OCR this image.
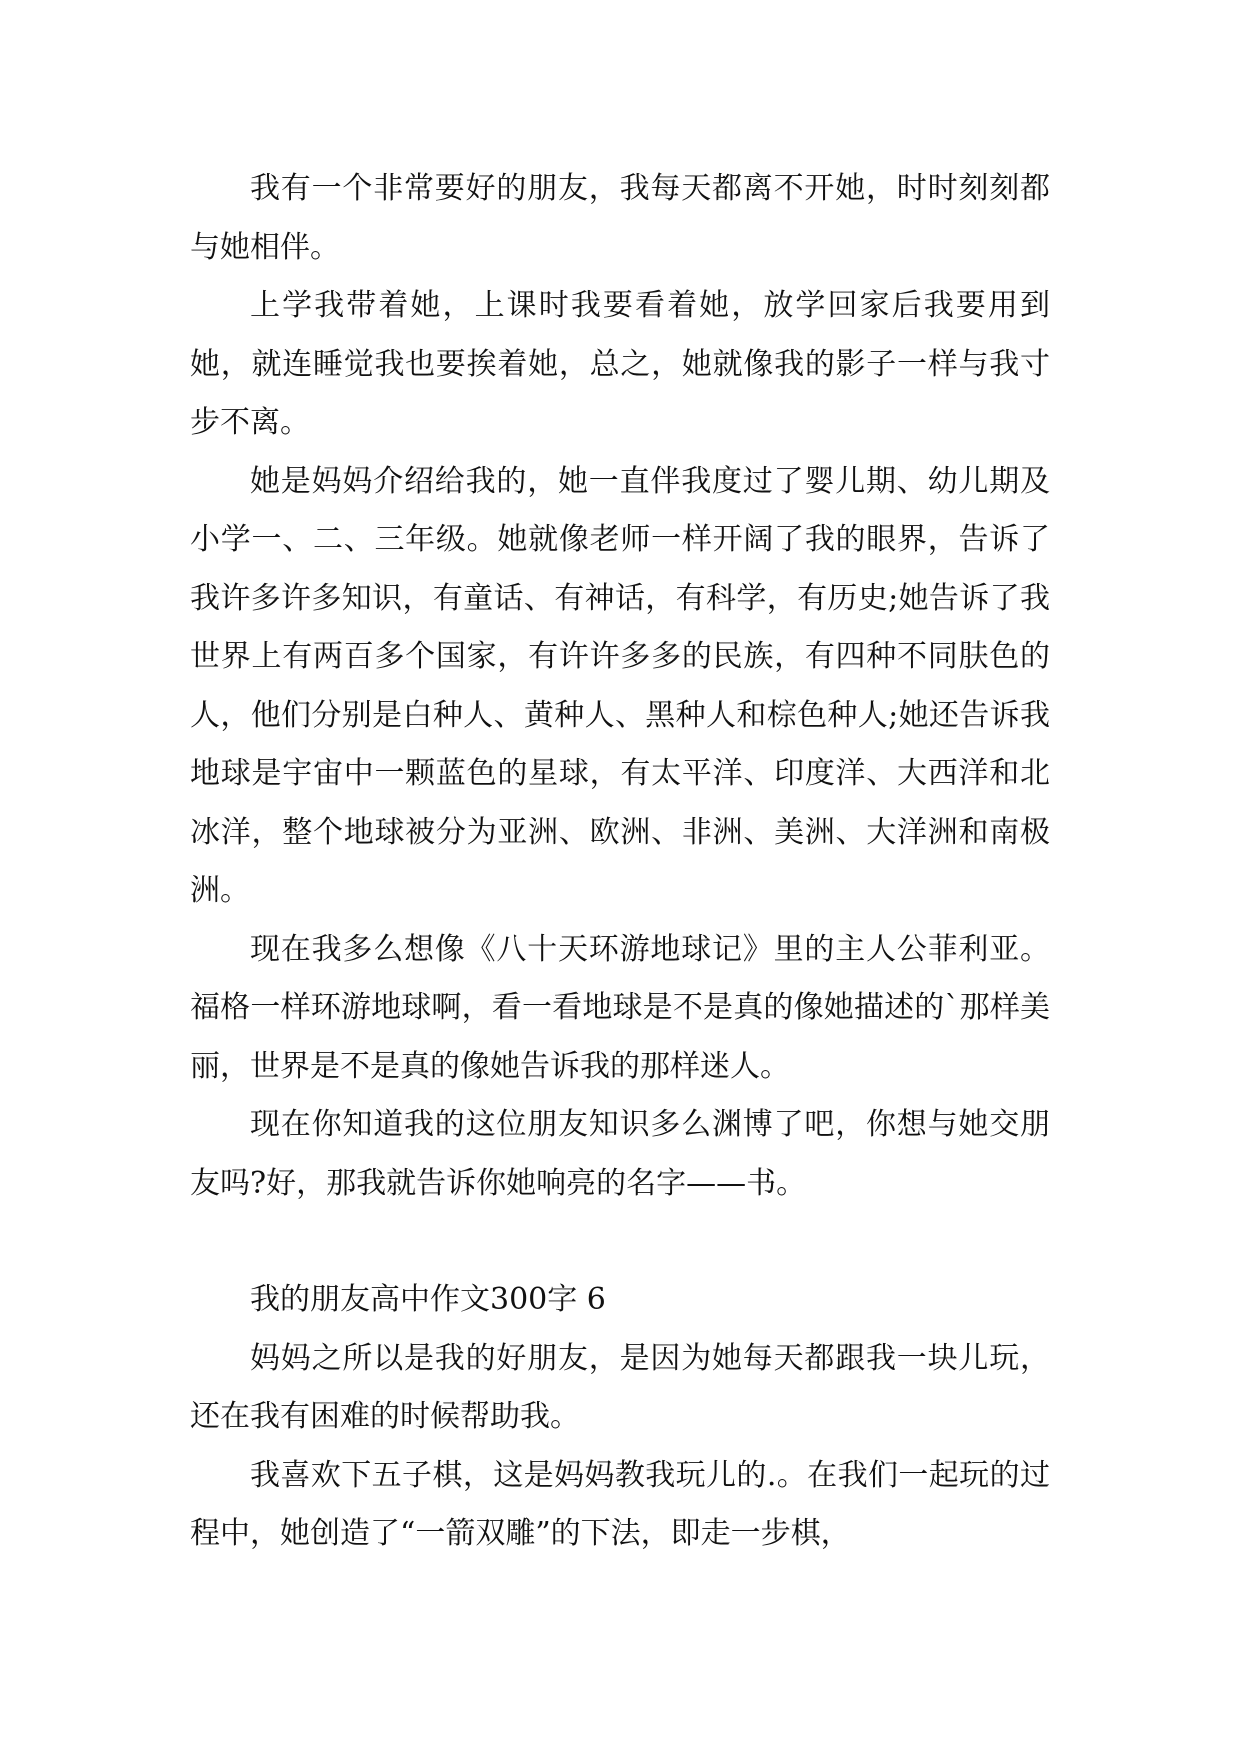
我有一个非常要好的朋友，我每天都离不开她，时时刻刻都与她相伴。

上学我带着她，上课时我要看着她，放学回家后我要用到她，就连睡觉我也要挨着她，总之，她就像我的影子一样与我寸步不离。

她是妈妈介绍给我的，她一直伴我度过了婴儿期、幼儿期及小学一、二、三年级。她就像老师一样开阔了我的眼界，告诉了我许多许多知识，有童话、有神话，有科学，有历史;她告诉了我世界上有两百多个国家，有许许多多的民族，有四种不同肤色的人，他们分别是白种人、黄种人、黑种人和棕色种人;她还告诉我地球是宇宙中一颗蓝色的星球，有太平洋、印度洋、大西洋和北冰洋，整个地球被分为亚洲、欧洲、非洲、美洲、大洋洲和南极洲。

现在我多么想像《八十天环游地球记》里的主人公菲利亚。福格一样环游地球啊，看一看地球是不是真的像她描述的`那样美丽，世界是不是真的像她告诉我的那样迷人。

现在你知道我的这位朋友知识多么渊博了吧，你想与她交朋友吗?好，那我就告诉你她响亮的名字——书。

我的朋友高中作文300字 6

妈妈之所以是我的好朋友，是因为她每天都跟我一块儿玩，还在我有困难的时候帮助我。

我喜欢下五子棋，这是妈妈教我玩儿的.。在我们一起玩的过程中，她创造了“一箭双雕”的下法，即走一步棋，
